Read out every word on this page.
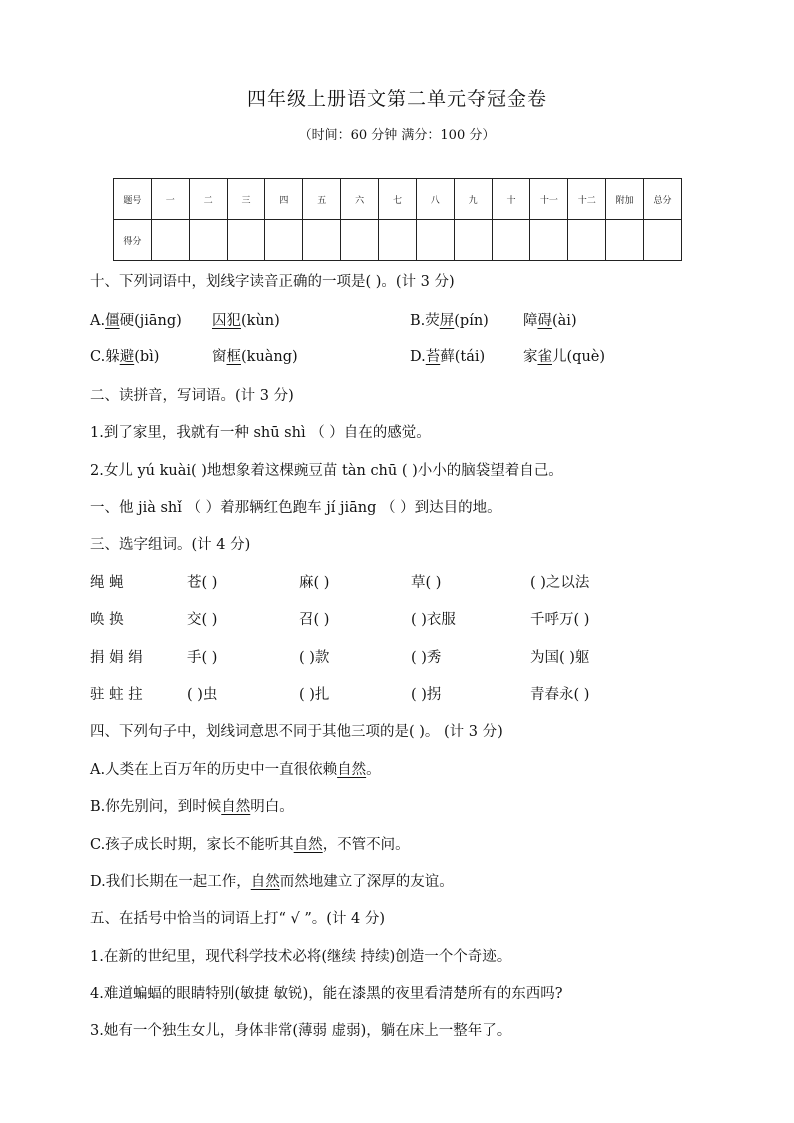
四年级上册语文第二单元夺冠金卷
（时间：60 分钟 满分：100 分）
题号	一	二	三	四	五	六	七	八	九	十	十一	十二	附加	总分
得分														
十、下列词语中，划线字读音正确的一项是( )。(计 3 分)
A.僵硬(jiāng) 囚犯(kùn)	B.荧屏(pín) 障碍(ài)
C.躲避(bì)	窗框(kuàng)	D.苔藓(tái)	家雀儿(què)
二、读拼音，写词语。(计 3 分)
1.到了家里，我就有一种 shū shì （ ）自在的感觉。
2.女儿 yú kuài( )地想象着这棵豌豆苗 tàn chū ( )小小的脑袋望着自己。
一、他 jià shǐ （ ）着那辆红色跑车 jí jiāng （ ）到达目的地。
三、选字组词。(计 4 分)
绳 蝇	苍( )	麻( )	草( )	( )之以法
唤 换	交( )	召( )	( )衣服	千呼万( )
捐 娟 绢	手( )	( )款	( )秀	为国( )躯
驻 蛀 拄	( )虫	( )扎	( )拐	青春永( )
四、下列句子中，划线词意思不同于其他三项的是( )。 (计 3 分)
A.人类在上百万年的历史中一直很依赖自然。
B.你先别问，到时候自然明白。
C.孩子成长时期，家长不能听其自然，不管不问。
D.我们长期在一起工作，自然而然地建立了深厚的友谊。
五、在括号中恰当的词语上打“ √ ”。(计 4 分)
1.在新的世纪里，现代科学技术必将(继续 持续)创造一个个奇迹。
4.难道蝙蝠的眼睛特别(敏捷 敏锐)，能在漆黑的夜里看清楚所有的东西吗?
3.她有一个独生女儿，身体非常(薄弱 虚弱)，躺在床上一整年了。
